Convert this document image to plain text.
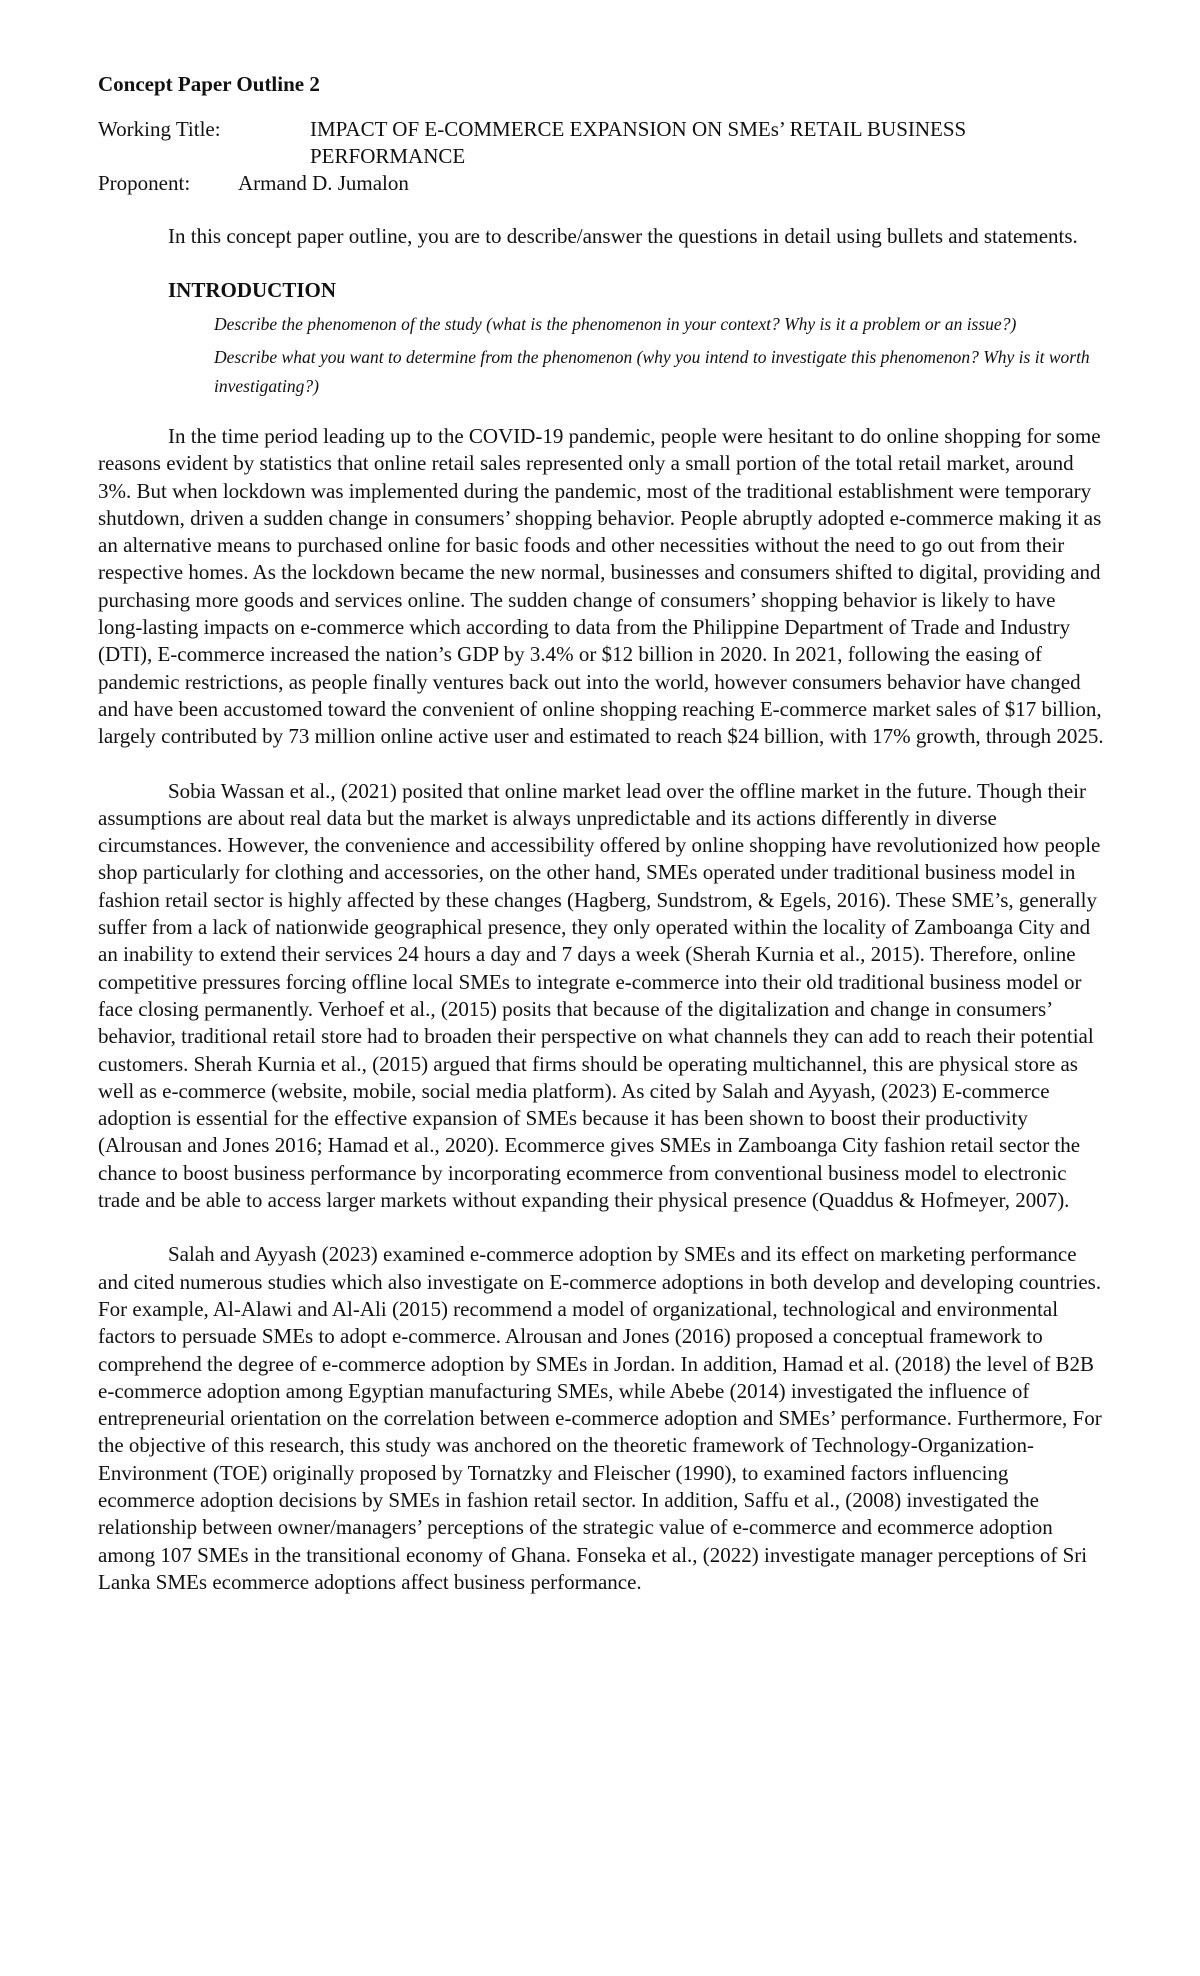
Concept Paper Outline 2
Working Title:	IMPACT OF E-COMMERCE EXPANSION ON SMEs’ RETAIL BUSINESS PERFORMANCE
Proponent:	Armand D. Jumalon
In this concept paper outline, you are to describe/answer the questions in detail using bullets and statements.
INTRODUCTION
Describe the phenomenon of the study (what is the phenomenon in your context? Why is it a problem or an issue?)
Describe what you want to determine from the phenomenon (why you intend to investigate this phenomenon? Why is it worth investigating?)

In the time period leading up to the COVID-19 pandemic, people were hesitant to do online shopping for some reasons evident by statistics that online retail sales represented only a small portion of the total retail market, around 3%. But when lockdown was implemented during the pandemic, most of the traditional establishment were temporary shutdown, driven a sudden change in consumers’ shopping behavior. People abruptly adopted e-commerce making it as an alternative means to purchased online for basic foods and other necessities without the need to go out from their respective homes. As the lockdown became the new normal, businesses and consumers shifted to digital, providing and purchasing more goods and services online. The sudden change of consumers’ shopping behavior is likely to have long-lasting impacts on e-commerce which according to data from the Philippine Department of Trade and Industry (DTI), E-commerce increased the nation’s GDP by 3.4% or $12 billion in 2020. In 2021, following the easing of pandemic restrictions, as people finally ventures back out into the world, however consumers behavior have changed and have been accustomed toward the convenient of online shopping reaching E-commerce market sales of $17 billion, largely contributed by 73 million online active user and estimated to reach $24 billion, with 17% growth, through 2025.

Sobia Wassan et al., (2021) posited that online market lead over the offline market in the future. Though their assumptions are about real data but the market is always unpredictable and its actions differently in diverse circumstances. However, the convenience and accessibility offered by online shopping have revolutionized how people shop particularly for clothing and accessories, on the other hand, SMEs operated under traditional business model in fashion retail sector is highly affected by these changes (Hagberg, Sundstrom, & Egels, 2016). These SME’s, generally suffer from a lack of nationwide geographical presence, they only operated within the locality of Zamboanga City and an inability to extend their services 24 hours a day and 7 days a week (Sherah Kurnia et al., 2015). Therefore, online competitive pressures forcing offline local SMEs to integrate e-commerce into their old traditional business model or face closing permanently. Verhoef et al., (2015) posits that because of the digitalization and change in consumers’ behavior, traditional retail store had to broaden their perspective on what channels they can add to reach their potential customers. Sherah Kurnia et al., (2015) argued that firms should be operating multichannel, this are physical store as well as e-commerce (website, mobile, social media platform). As cited by Salah and Ayyash, (2023) E-commerce adoption is essential for the effective expansion of SMEs because it has been shown to boost their productivity (Alrousan and Jones 2016; Hamad et al., 2020). Ecommerce gives SMEs in Zamboanga City fashion retail sector the chance to boost business performance by incorporating ecommerce from conventional business model to electronic trade and be able to access larger markets without expanding their physical presence (Quaddus & Hofmeyer, 2007).

Salah and Ayyash (2023) examined e-commerce adoption by SMEs and its effect on marketing performance and cited numerous studies which also investigate on E-commerce adoptions in both develop and developing countries. For example, Al-Alawi and Al-Ali (2015) recommend a model of organizational, technological and environmental factors to persuade SMEs to adopt e-commerce. Alrousan and Jones (2016) proposed a conceptual framework to comprehend the degree of e-commerce adoption by SMEs in Jordan. In addition, Hamad et al. (2018) the level of B2B e-commerce adoption among Egyptian manufacturing SMEs, while Abebe (2014) investigated the influence of entrepreneurial orientation on the correlation between e-commerce adoption and SMEs’ performance. Furthermore, For the objective of this research, this study was anchored on the theoretic framework of Technology-Organization-Environment (TOE) originally proposed by Tornatzky and Fleischer (1990), to examined factors influencing ecommerce adoption decisions by SMEs in fashion retail sector. In addition, Saffu et al., (2008) investigated the relationship between owner/managers’ perceptions of the strategic value of e-commerce and ecommerce adoption among 107 SMEs in the transitional economy of Ghana. Fonseka et al., (2022) investigate manager perceptions of Sri Lanka SMEs ecommerce adoptions affect business performance.
